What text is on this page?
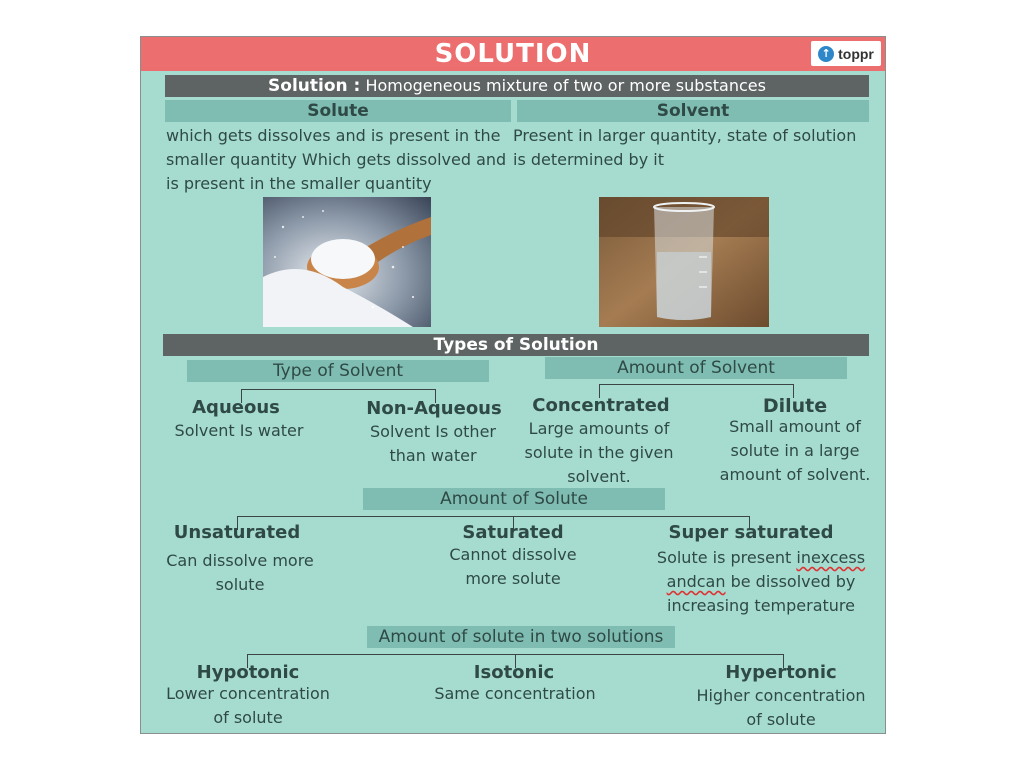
SOLUTION	↑ toppr
Solution : Homogeneous mixture of two or more substances
Solute	Solvent
which gets dissolves and is present in the
smaller quantity Which gets dissolved and
is present in the smaller quantity
Present in larger quantity, state of solution
is determined by it
Types of Solution
Type of Solvent
Aqueous
Solvent Is water
Non-Aqueous
Solvent Is other
than water
Amount of Solvent
Concentrated
Large amounts of
solute in the given
solvent.
Dilute
Small amount of
solute in a large
amount of solvent.
Amount of Solute
Unsaturated
Can dissolve more
solute
Saturated
Cannot dissolve
more solute
Super saturated
Solute is present inexcess
andcan be dissolved by
increasing temperature
Amount of solute in two solutions
Hypotonic
Lower concentration
of solute
Isotonic
Same concentration
Hypertonic
Higher concentration
of solute
